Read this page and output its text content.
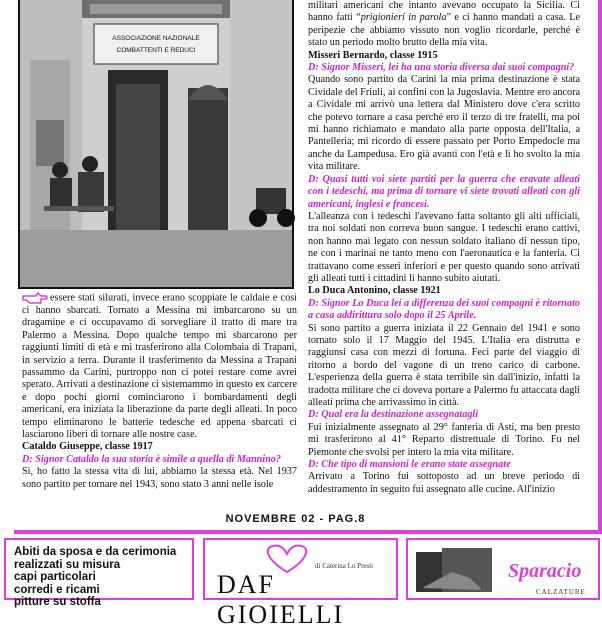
ASSOCIAZIONE NAZIONALE
COMBATTENTI E REDUCI

essere stati silurati, invece erano scoppiate le caldaie e così ci hanno sbarcati. Tornato a Messina mi imbarcarono su un dragamine e ci occupavamo di sorvegliare il tratto di mare tra Palermo a Messina. Dopo qualche tempo mi sbarcarono per raggiunti limiti di età e mi trasferirono alla Colombaia di Trapani, in servizio a terra. Durante il trasferimento da Messina a Trapani passammo da Carini, purtroppo non ci potei restare come avrei sperato. Arrivati a destinazione ci sistemammo in questo ex carcere e dopo pochi giorni cominciarono i bombardamenti degli americani, era iniziata la liberazione da parte degli alleati. In poco tempo eliminarono le batterie tedesche ed appena sbarcati ci lasciarono liberi di tornare alle nostre case.

Cataldo Giuseppe, classe 1917

D: Signor Cataldo la sua storia è simile a quella di Mannino?

Sì, ho fatto la stessa vita di lui, abbiamo la stessa età. Nel 1937 sono partito per tornare nel 1943, sono stato 3 anni nelle isole

militari americani che intanto avevano occupato la Sicilia. Ci hanno fatti “prigionieri in parola” e ci hanno mandati a casa. Le peripezie che abbiamo vissuto non voglio ricordarle, perché è stato un periodo molto brutto della mia vita.

Misseri Bernardo, classe 1915

D: Signor Misseri, lei ha una storia diversa dai suoi compagni?

Quando sono partito da Carini la mia prima destinazione è stata Cividale del Friuli, ai confini con la Jugoslavia. Mentre ero ancora a Cividale mi arrivò una lettera dal Ministero dove c'era scritto che potevo tornare a casa perché ero il terzo di tre fratelli, ma poi mi hanno richiamato e mandato alla parte opposta dell'Italia, a Pantelleria; mi ricordo di essere passato per Porto Empedocle ma anche da Lampedusa. Ero già avanti con l'età e lì ho svolto la mia vita militare.

D: Quasi tutti voi siete partiti per la guerra che eravate alleati con i tedeschi, ma prima di tornare vi siete trovati alleati con gli americani, inglesi e francesi.

L'alleanza con i tedeschi l'avevano fatta soltanto gli alti ufficiali, tra noi soldati non correva buon sangue. I tedeschi erano cattivi, non hanno mai legato con nessun soldato italiano di nessun tipo, ne con i marinai ne tanto meno con l'aeronautica e la fanteria. Ci trattavano come esseri inferiori e per questo quando sono arrivati gli alleati tutti i cittadini li hanno subito aiutati.

Lo Duca Antonino, classe 1921

D: Signor Lo Duca lei a differenza dei suoi compagni è ritornato a casa addirittura solo dopo il 25 Aprile.

Si sono partito a guerra iniziata il 22 Gennaio del 1941 e sono tornato solo il 17 Maggio del 1945. L'Italia era distrutta e raggiunsi casa con mezzi di fortuna. Feci parte del viaggio di ritorno a bordo del vagone di un treno carico di carbone. L'esperienza della guerra è stata terribile sin dall'inizio, infatti la tradotta militare che ci doveva portare a Palermo fu attaccata dagli alleati prima che arrivassimo in città.

D: Qual era la destinazione assegnatagli

Fui inizialmente assegnato al 29° fanteria di Asti, ma ben presto mi trasferirono al 41° Reparto distrettuale di Torino. Fu nel Piemonte che svolsi per intero la mia vita militare.

D: Che tipo di mansioni le erano state assegnate

Arrivato a Torino fui sottoposto ad un breve periodo di addestramento in seguito fui assegnato alle cucine. All'inizio

NOVEMBRE 02 - PAG.8
Abiti da sposa e da cerimonia
realizzati su misura
capi particolari
corredi e ricami
pitture su stoffa
di Caterina Lo Presti
DAF GIOIELLI
Sparacio
CALZATURE
